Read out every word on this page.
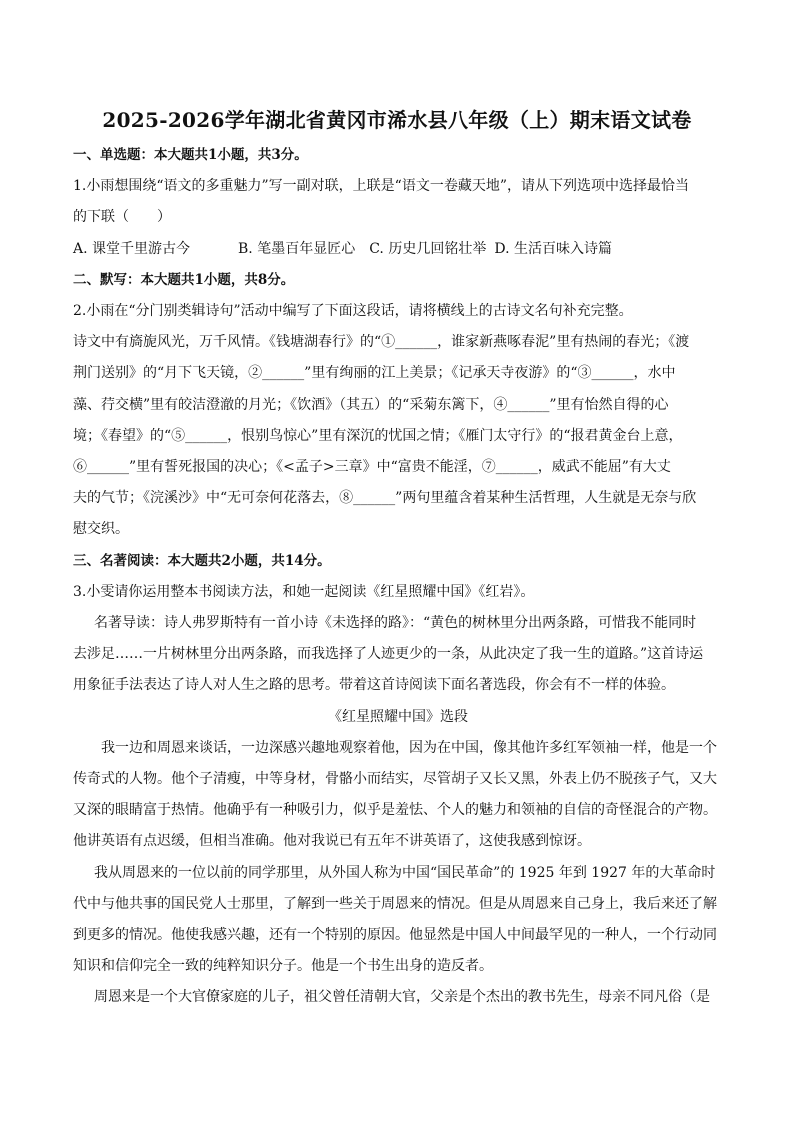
2025-2026学年湖北省黄冈市浠水县八年级（上）期末语文试卷

一、单选题：本大题共1小题，共3分。

1.小雨想围绕“语文的多重魅力”写一副对联，上联是“语文一卷藏天地”，请从下列选项中选择最恰当

的下联（　　）

A. 课堂千里游古今	B. 笔墨百年显匠心 C. 历史几回铭壮举 D. 生活百味入诗篇

二、默写：本大题共1小题，共8分。

2.小雨在“分门别类辑诗句”活动中编写了下面这段话，请将横线上的古诗文名句补充完整。

诗文中有旖旎风光，万千风情。《钱塘湖春行》的“①______，谁家新燕啄春泥”里有热闹的春光；《渡

荆门送别》的“月下飞天镜，②______”里有绚丽的江上美景；《记承天寺夜游》的“③______，水中

藻、荇交横”里有皎洁澄澈的月光；《饮酒》（其五）的“采菊东篱下，④______”里有怡然自得的心

境；《春望》的“⑤______，恨别鸟惊心”里有深沉的忧国之情；《雁门太守行》的“报君黄金台上意，

⑥______”里有誓死报国的决心；《<孟子>三章》中“富贵不能淫，⑦______，威武不能屈”有大丈

夫的气节；《浣溪沙》中“无可奈何花落去，⑧______”两句里蕴含着某种生活哲理，人生就是无奈与欣

慰交织。

三、名著阅读：本大题共2小题，共14分。

3.小雯请你运用整本书阅读方法，和她一起阅读《红星照耀中国》《红岩》。

名著导读：诗人弗罗斯特有一首小诗《未选择的路》：“黄色的树林里分出两条路，可惜我不能同时

去涉足……一片树林里分出两条路，而我选择了人迹更少的一条，从此决定了我一生的道路。”这首诗运

用象征手法表达了诗人对人生之路的思考。带着这首诗阅读下面名著选段，你会有不一样的体验。

《红星照耀中国》选段

我一边和周恩来谈话，一边深感兴趣地观察着他，因为在中国，像其他许多红军领袖一样，他是一个

传奇式的人物。他个子清瘦，中等身材，骨骼小而结实，尽管胡子又长又黑，外表上仍不脱孩子气，又大

又深的眼睛富于热情。他确乎有一种吸引力，似乎是羞怯、个人的魅力和领袖的自信的奇怪混合的产物。

他讲英语有点迟缓，但相当准确。他对我说已有五年不讲英语了，这使我感到惊讶。

我从周恩来的一位以前的同学那里，从外国人称为中国“国民革命”的 1925 年到 1927 年的大革命时

代中与他共事的国民党人士那里，了解到一些关于周恩来的情况。但是从周恩来自己身上，我后来还了解

到更多的情况。他使我感兴趣，还有一个特别的原因。他显然是中国人中间最罕见的一种人，一个行动同

知识和信仰完全一致的纯粹知识分子。他是一个书生出身的造反者。

周恩来是一个大官僚家庭的儿子，祖父曾任清朝大官，父亲是个杰出的教书先生，母亲不同凡俗（是
